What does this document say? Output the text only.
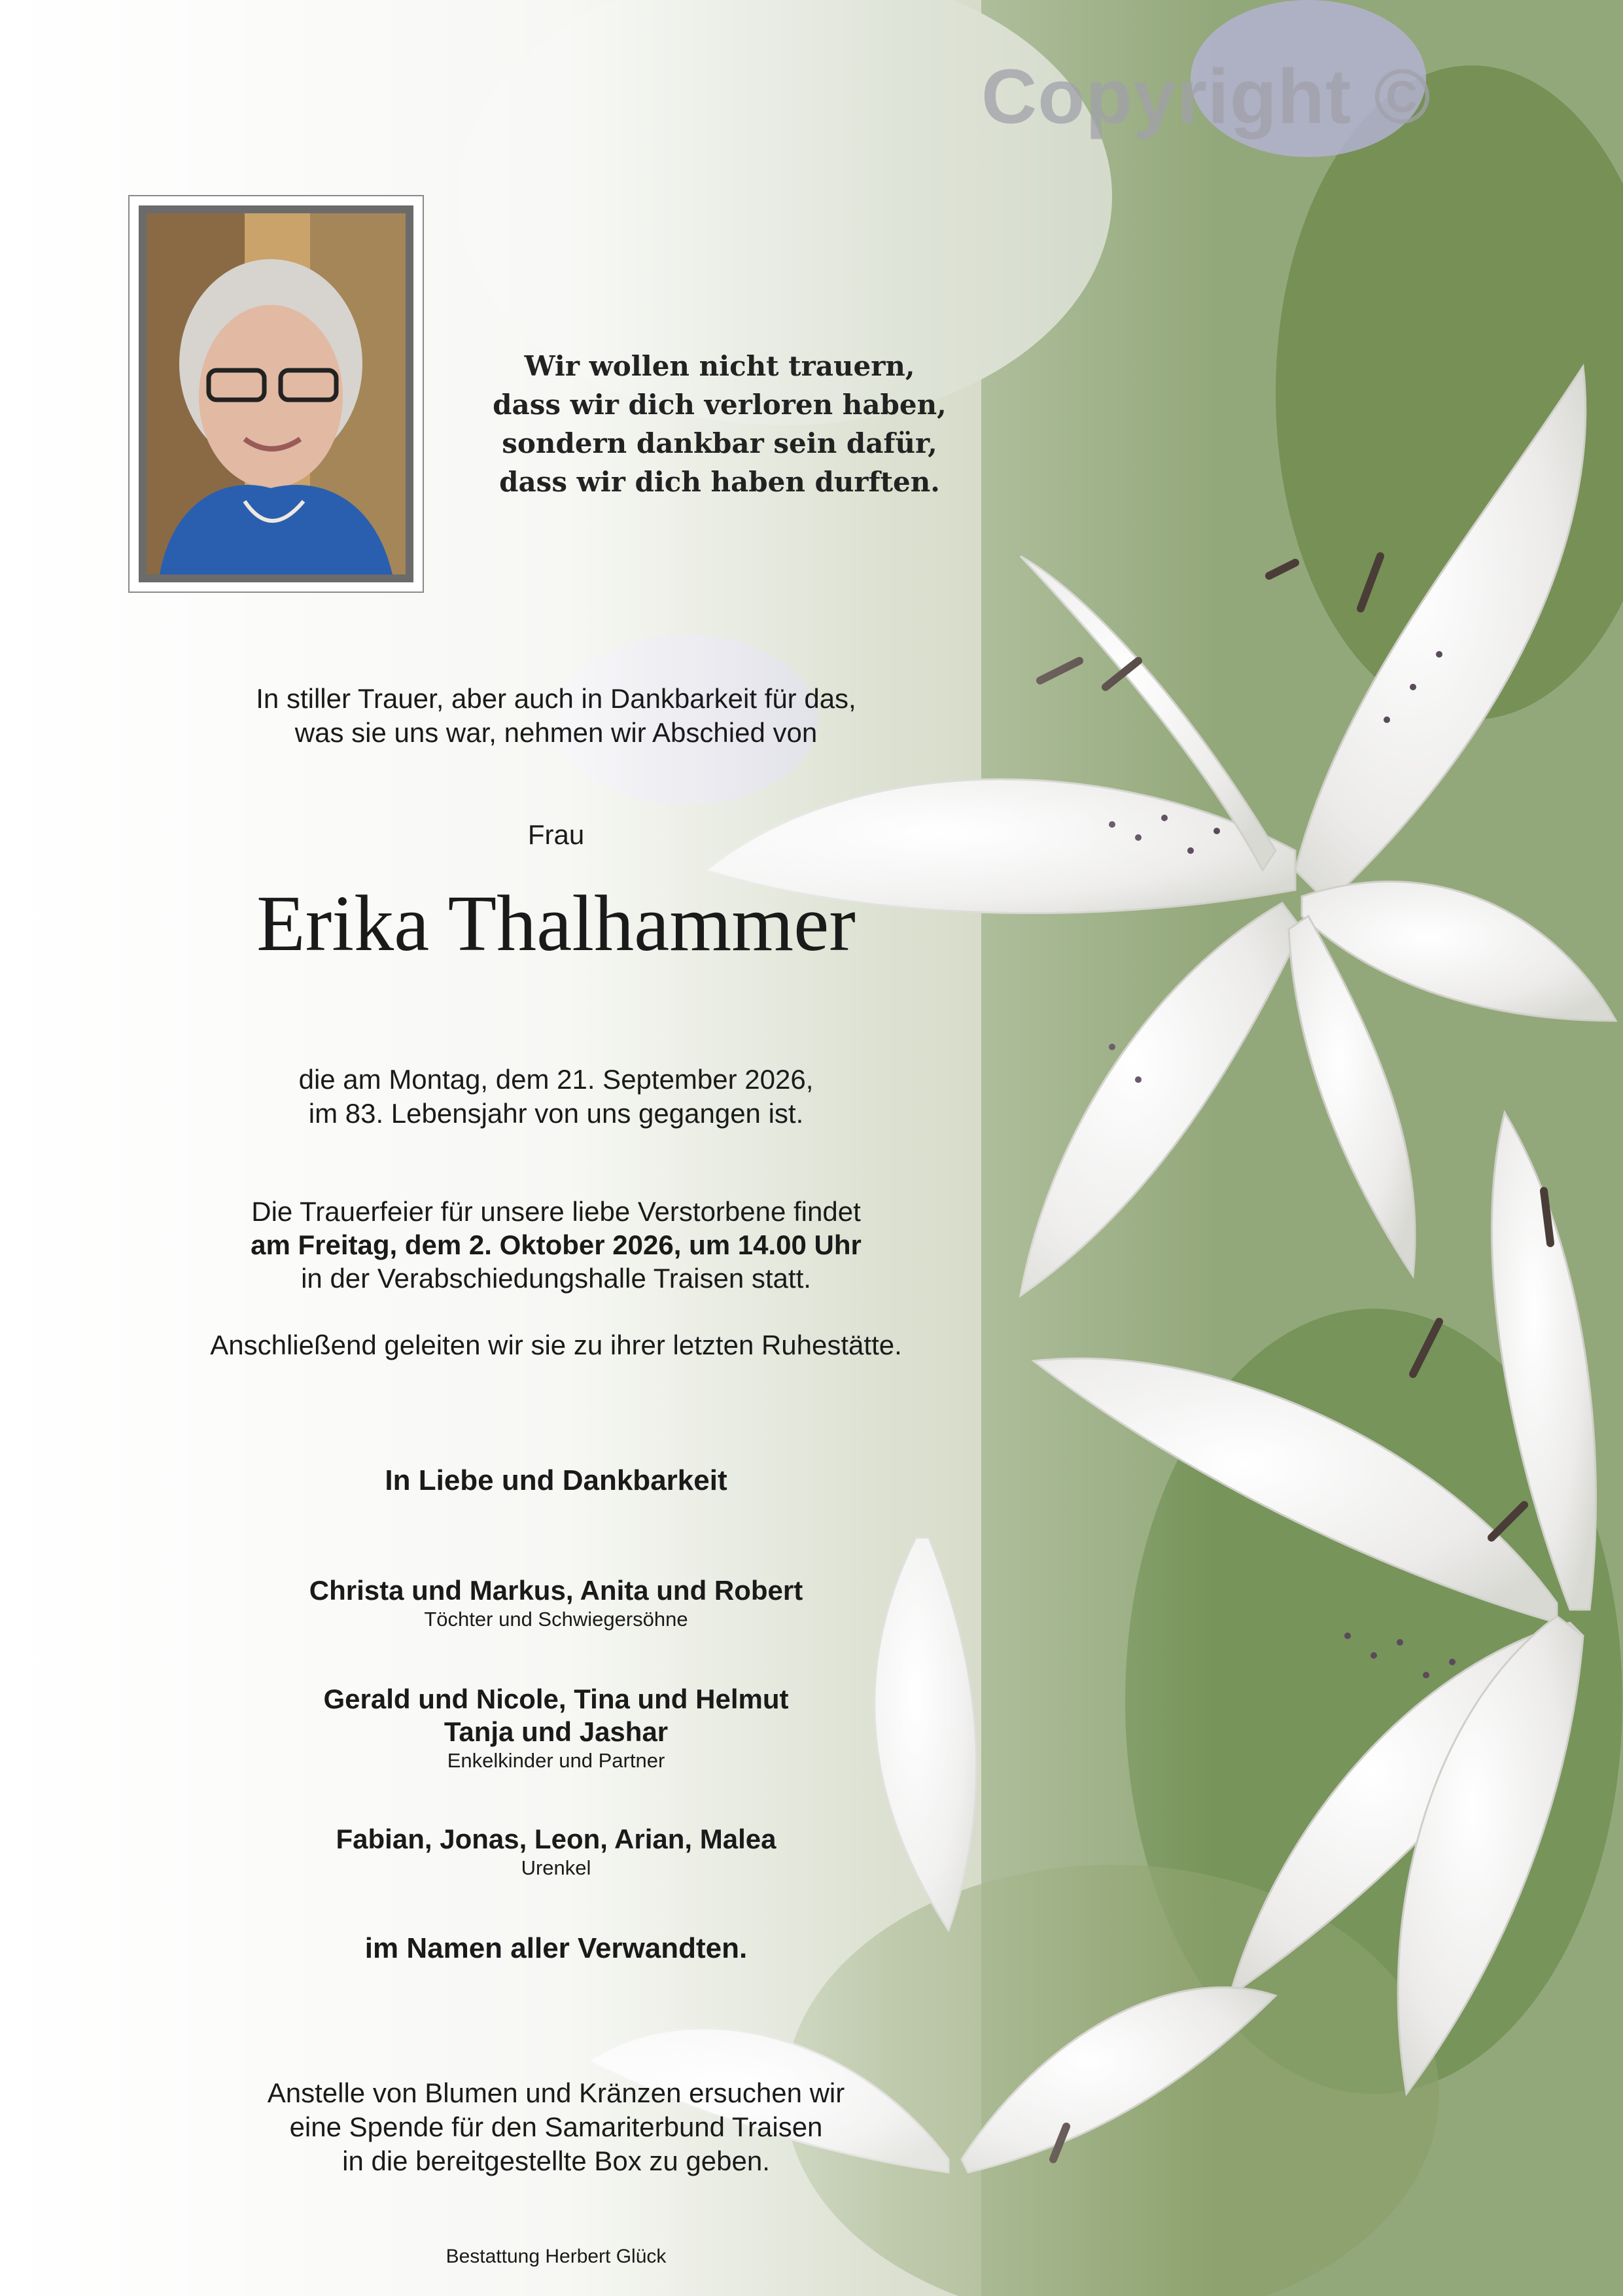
Copyright ©
Wir wollen nicht trauern,
dass wir dich verloren haben,
sondern dankbar sein dafür,
dass wir dich haben durften.
In stiller Trauer, aber auch in Dankbarkeit für das,
was sie uns war, nehmen wir Abschied von
Frau
Erika Thalhammer
die am Montag, dem 21. September 2026,
im 83. Lebensjahr von uns gegangen ist.
Die Trauerfeier für unsere liebe Verstorbene findet
am Freitag, dem 2. Oktober 2026, um 14.00 Uhr
in der Verabschiedungshalle Traisen statt.
Anschließend geleiten wir sie zu ihrer letzten Ruhestätte.
In Liebe und Dankbarkeit
Christa und Markus, Anita und Robert
Töchter und Schwiegersöhne
Gerald und Nicole, Tina und Helmut
Tanja und Jashar
Enkelkinder und Partner
Fabian, Jonas, Leon, Arian, Malea
Urenkel
im Namen aller Verwandten.
Anstelle von Blumen und Kränzen ersuchen wir
eine Spende für den Samariterbund Traisen
in die bereitgestellte Box zu geben.
Bestattung Herbert Glück
